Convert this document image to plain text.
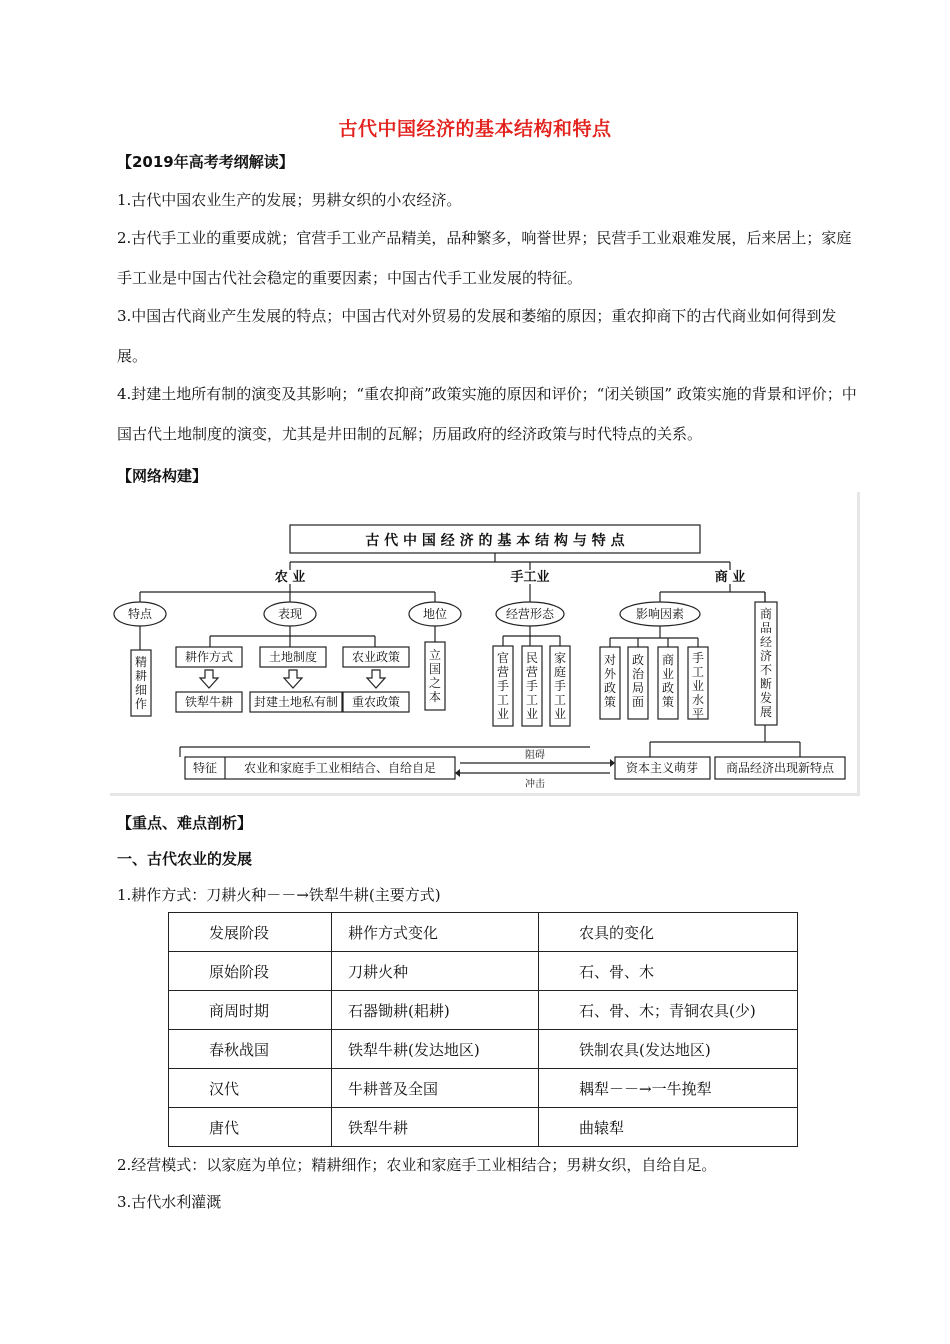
古代中国经济的基本结构和特点
【2019年高考考纲解读】
1.古代中国农业生产的发展；男耕女织的小农经济。
2.古代手工业的重要成就；官营手工业产品精美，品种繁多，响誉世界；民营手工业艰难发展，后来居上；家庭手工业是中国古代社会稳定的重要因素；中国古代手工业发展的特征。
3.中国古代商业产生发展的特点；中国古代对外贸易的发展和萎缩的原因；重农抑商下的古代商业如何得到发展。
4.封建土地所有制的演变及其影响；“重农抑商”政策实施的原因和评价；“闭关锁国” 政策实施的背景和评价；中国古代土地制度的演变，尤其是井田制的瓦解；历届政府的经济政策与时代特点的关系。
【网络构建】
古 代 中 国 经 济 的 基 本 结 构 与 特 点
农 业	手工业	商 业
特点	表现	地位
耕作方式	土地制度	农业政策
铁犁牛耕 封建土地私有制 重农政策
精耕细作
立国之本
经营形态
官营手工业
民营手工业
家庭手工业
影响因素
对外政策
政治局面
商业政策
手工业水平
商品经济不断发展
特征 农业和家庭手工业相结合、自给自足
阻碍
冲击
资本主义萌芽 商品经济出现新特点
【重点、难点剖析】
一、古代农业的发展
1.耕作方式：刀耕火种－－→铁犁牛耕(主要方式)
发展阶段	耕作方式变化	农具的变化
原始阶段	刀耕火种	石、骨、木
商周时期	石器锄耕(耜耕)	石、骨、木；青铜农具(少)
春秋战国	铁犁牛耕(发达地区)	铁制农具(发达地区)
汉代	牛耕普及全国	耦犁－－→一牛挽犁
唐代	铁犁牛耕	曲辕犁
2.经营模式：以家庭为单位；精耕细作；农业和家庭手工业相结合；男耕女织，自给自足。
3.古代水利灌溉
